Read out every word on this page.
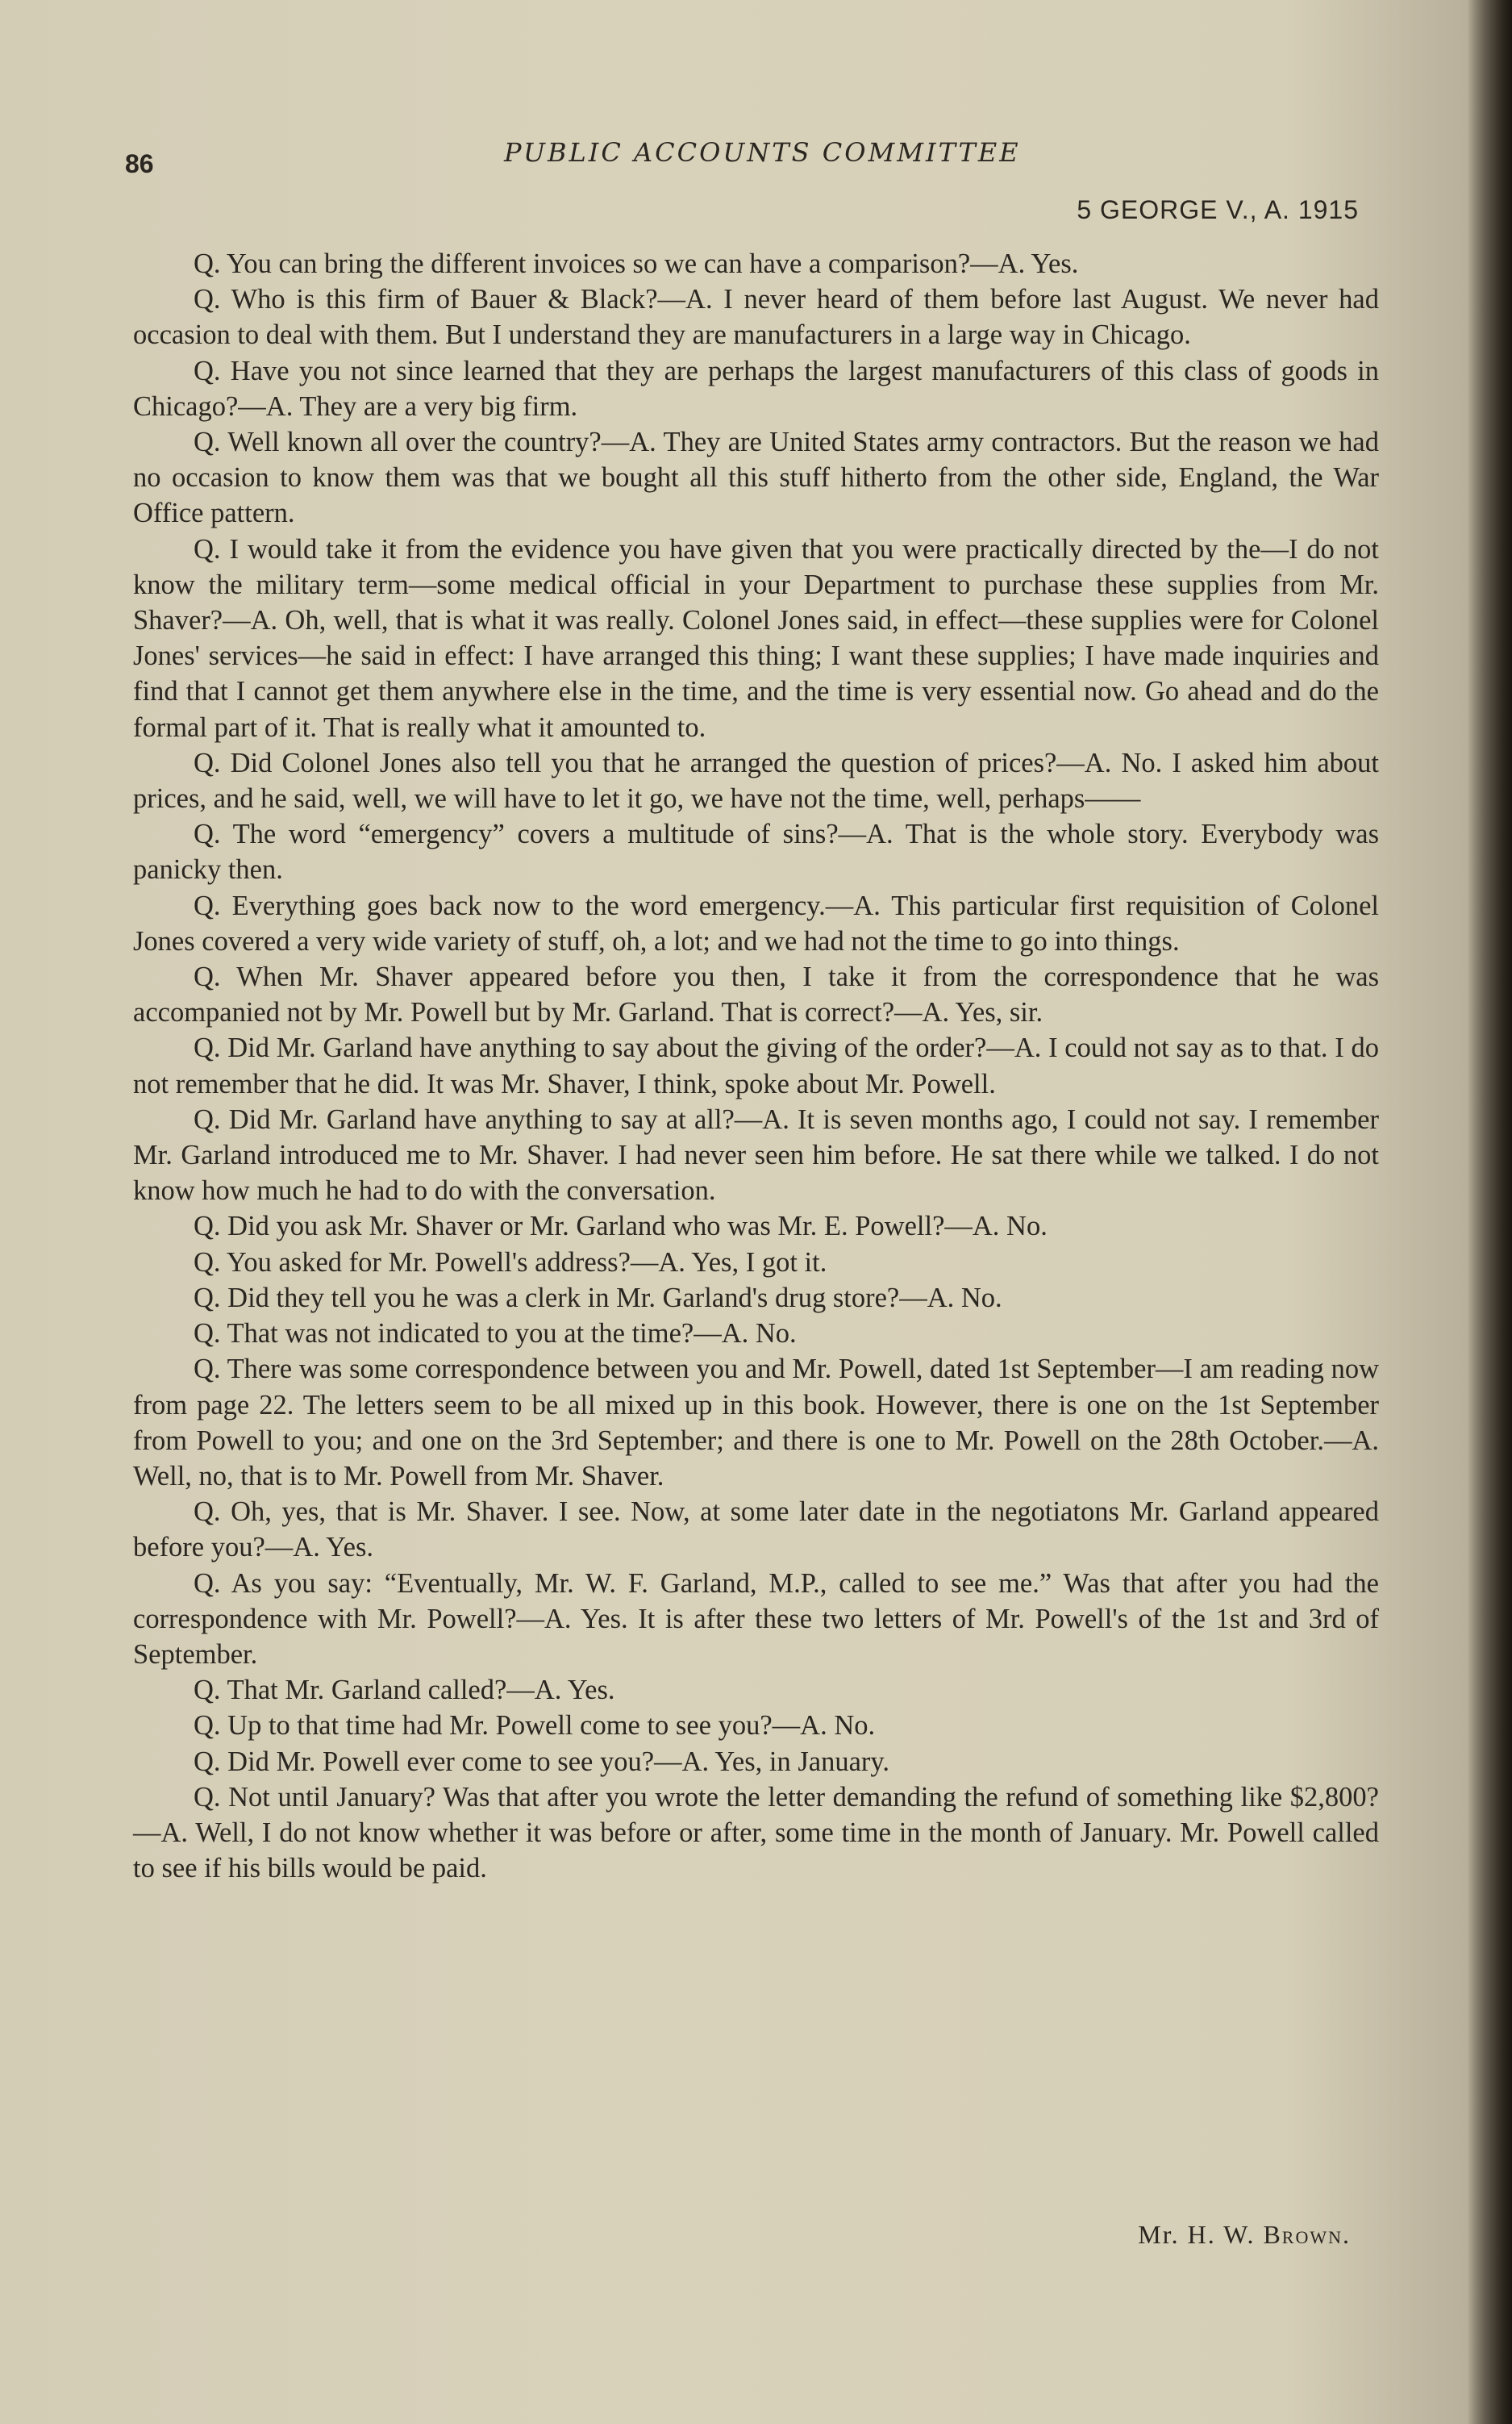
86	PUBLIC ACCOUNTS COMMITTEE
5 GEORGE V., A. 1915

Q. You can bring the different invoices so we can have a comparison?—A. Yes.

Q. Who is this firm of Bauer & Black?—A. I never heard of them before last August. We never had occasion to deal with them. But I understand they are manufacturers in a large way in Chicago.

Q. Have you not since learned that they are perhaps the largest manufacturers of this class of goods in Chicago?—A. They are a very big firm.

Q. Well known all over the country?—A. They are United States army contractors. But the reason we had no occasion to know them was that we bought all this stuff hitherto from the other side, England, the War Office pattern.

Q. I would take it from the evidence you have given that you were practically directed by the—I do not know the military term—some medical official in your Department to purchase these supplies from Mr. Shaver?—A. Oh, well, that is what it was really. Colonel Jones said, in effect—these supplies were for Colonel Jones' services—he said in effect: I have arranged this thing; I want these supplies; I have made inquiries and find that I cannot get them anywhere else in the time, and the time is very essential now. Go ahead and do the formal part of it. That is really what it amounted to.

Q. Did Colonel Jones also tell you that he arranged the question of prices?—A. No. I asked him about prices, and he said, well, we will have to let it go, we have not the time, well, perhaps——

Q. The word “emergency” covers a multitude of sins?—A. That is the whole story. Everybody was panicky then.

Q. Everything goes back now to the word emergency.—A. This particular first requisition of Colonel Jones covered a very wide variety of stuff, oh, a lot; and we had not the time to go into things.

Q. When Mr. Shaver appeared before you then, I take it from the correspondence that he was accompanied not by Mr. Powell but by Mr. Garland. That is correct?—A. Yes, sir.

Q. Did Mr. Garland have anything to say about the giving of the order?—A. I could not say as to that. I do not remember that he did. It was Mr. Shaver, I think, spoke about Mr. Powell.

Q. Did Mr. Garland have anything to say at all?—A. It is seven months ago, I could not say. I remember Mr. Garland introduced me to Mr. Shaver. I had never seen him before. He sat there while we talked. I do not know how much he had to do with the conversation.

Q. Did you ask Mr. Shaver or Mr. Garland who was Mr. E. Powell?—A. No.

Q. You asked for Mr. Powell's address?—A. Yes, I got it.

Q. Did they tell you he was a clerk in Mr. Garland's drug store?—A. No.

Q. That was not indicated to you at the time?—A. No.

Q. There was some correspondence between you and Mr. Powell, dated 1st September—I am reading now from page 22. The letters seem to be all mixed up in this book. However, there is one on the 1st September from Powell to you; and one on the 3rd September; and there is one to Mr. Powell on the 28th October.—A. Well, no, that is to Mr. Powell from Mr. Shaver.

Q. Oh, yes, that is Mr. Shaver. I see. Now, at some later date in the negotiatons Mr. Garland appeared before you?—A. Yes.

Q. As you say: “Eventually, Mr. W. F. Garland, M.P., called to see me.” Was that after you had the correspondence with Mr. Powell?—A. Yes. It is after these two letters of Mr. Powell's of the 1st and 3rd of September.

Q. That Mr. Garland called?—A. Yes.

Q. Up to that time had Mr. Powell come to see you?—A. No.

Q. Did Mr. Powell ever come to see you?—A. Yes, in January.

Q. Not until January? Was that after you wrote the letter demanding the refund of something like $2,800?—A. Well, I do not know whether it was before or after, some time in the month of January. Mr. Powell called to see if his bills would be paid.

Mr. H. W. Brown.
